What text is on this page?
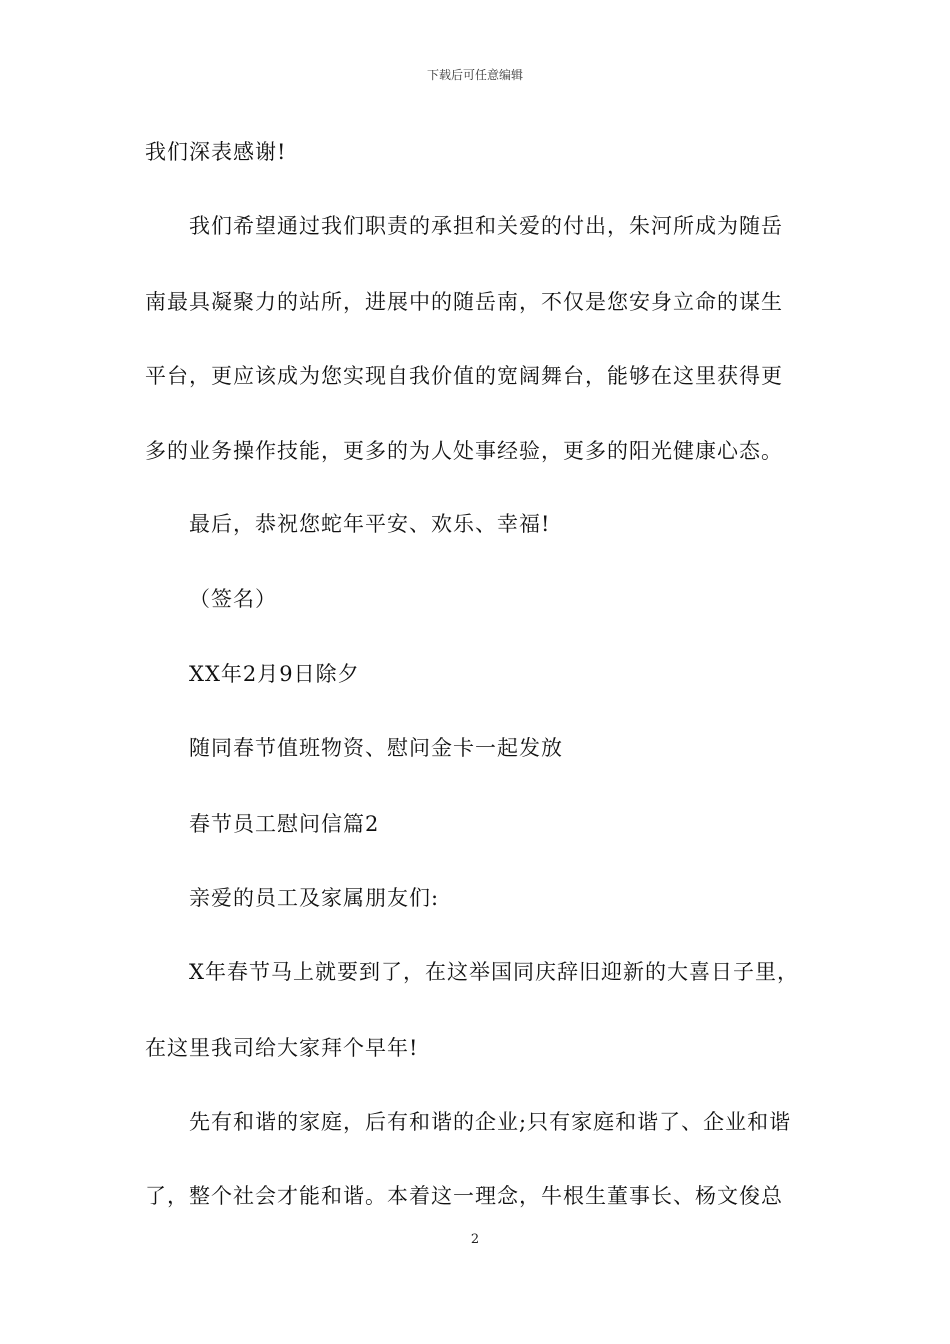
下载后可任意编辑
我们深表感谢!
我们希望通过我们职责的承担和关爱的付出，朱河所成为随岳
南最具凝聚力的站所，进展中的随岳南，不仅是您安身立命的谋生
平台，更应该成为您实现自我价值的宽阔舞台，能够在这里获得更
多的业务操作技能，更多的为人处事经验，更多的阳光健康心态。
最后，恭祝您蛇年平安、欢乐、幸福!
（签名）
XX年2月9日除夕
随同春节值班物资、慰问金卡一起发放
春节员工慰问信篇2
亲爱的员工及家属朋友们:
X年春节马上就要到了，在这举国同庆辞旧迎新的大喜日子里，
在这里我司给大家拜个早年!
先有和谐的家庭，后有和谐的企业;只有家庭和谐了、企业和谐
了，整个社会才能和谐。本着这一理念，牛根生董事长、杨文俊总
2
